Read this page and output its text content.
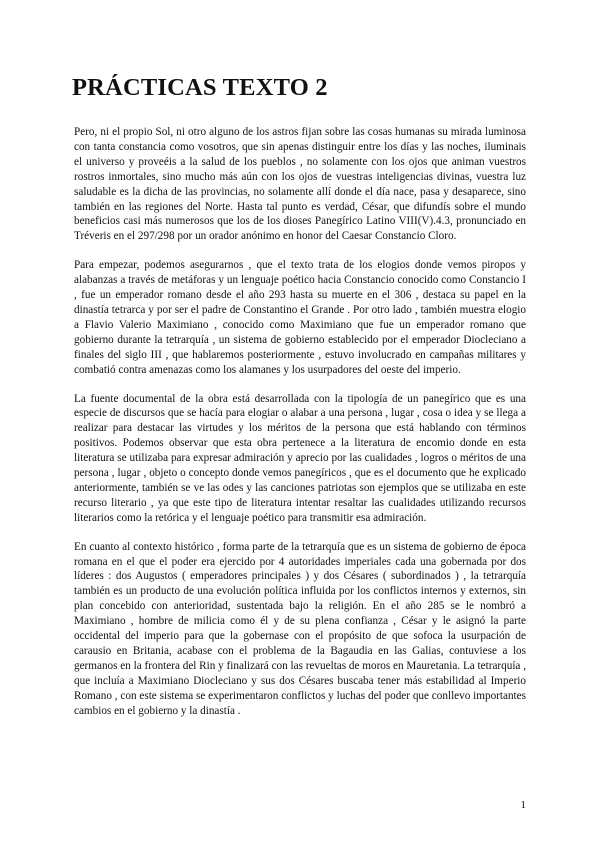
PRÁCTICAS TEXTO 2

Pero, ni el propio Sol, ni otro alguno de los astros fijan sobre las cosas humanas su mirada luminosa con tanta constancia como vosotros, que sin apenas distinguir entre los días y las noches, iluminais el universo y proveéis a la salud de los pueblos , no solamente con los ojos que animan vuestros rostros inmortales, sino mucho más aún con los ojos de vuestras inteligencias divinas, vuestra luz saludable es la dicha de las provincias, no solamente allí donde el día nace, pasa y desaparece, sino también en las regiones del Norte. Hasta tal punto es verdad, César, que difundís sobre el mundo beneficios casi más numerosos que los de los dioses Panegírico Latino VIII(V).4.3, pronunciado en Tréveris en el 297/298 por un orador anónimo en honor del Caesar Constancio Cloro.

Para empezar, podemos asegurarnos , que el texto trata de los elogios donde vemos piropos y alabanzas a través de metáforas y un lenguaje poético hacia Constancio conocido como Constancio I , fue un emperador romano desde el año 293 hasta su muerte en el 306 , destaca su papel en la dinastía tetrarca y por ser el padre de Constantino el Grande . Por otro lado , también muestra elogio a Flavio Valerio Maximiano , conocido como Maximiano que fue un emperador romano que gobierno durante la tetrarquía , un sistema de gobierno establecido por el emperador Diocleciano a finales del siglo III , que hablaremos posteriormente , estuvo involucrado en campañas militares y combatió contra amenazas como los alamanes y los usurpadores del oeste del imperio.

La fuente documental de la obra está desarrollada con la tipología de un panegírico que es una especie de discursos que se hacía para elogiar o alabar a una persona , lugar , cosa o idea y se llega a realizar para destacar las virtudes y los méritos de la persona que está hablando con términos positivos. Podemos observar que esta obra pertenece a la literatura de encomio donde en esta literatura se utilizaba para expresar admiración y aprecio por las cualidades , logros o méritos de una persona , lugar , objeto o concepto donde vemos panegíricos , que es el documento que he explicado anteriormente, también se ve las odes y las canciones patriotas son ejemplos que se utilizaba en este recurso literario , ya que este tipo de literatura intentar resaltar las cualidades utilizando recursos literarios como la retórica y el lenguaje poético para transmitir esa admiración.

En cuanto al contexto histórico , forma parte de la tetrarquía que es un sistema de gobierno de época romana en el que el poder era ejercido por 4 autoridades imperiales cada una gobernada por dos líderes : dos Augustos ( emperadores principales ) y dos Césares ( subordinados ) , la tetrarquía también es un producto de una evolución política influida por los conflictos internos y externos, sin plan concebido con anterioridad, sustentada bajo la religión. En el año 285 se le nombró a Maximiano , hombre de milicia como él y de su plena confianza , César y le asignó la parte occidental del imperio para que la gobernase con el propósito de que sofoca la usurpación de carausio en Britania, acabase con el problema de la Bagaudia en las Galias, contuviese a los germanos en la frontera del Rin y finalizará con las revueltas de moros en Mauretania. La tetrarquía , que incluía a Maximiano Diocleciano y sus dos Césares buscaba tener más estabilidad al Imperio Romano , con este sistema se experimentaron conflictos y luchas del poder que conllevo importantes cambios en el gobierno y la dinastía .

1
